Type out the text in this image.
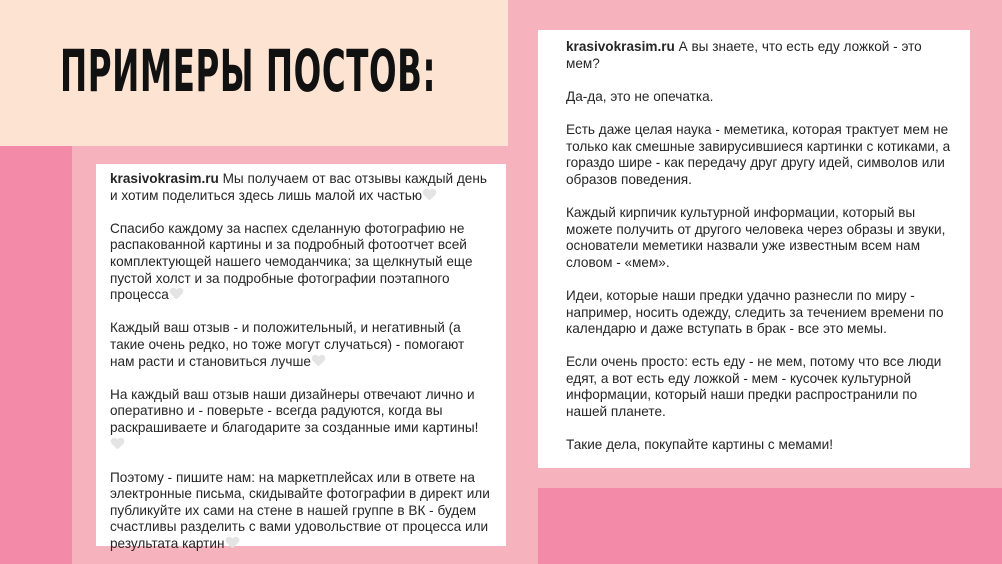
ПРИМЕРЫ ПОСТОВ:

krasivokrasim.ru Мы получаем от вас отзывы каждый день и хотим поделиться здесь лишь малой их частью

Спасибо каждому за наспех сделанную фотографию не распакованной картины и за подробный фотоотчет всей комплектующей нашего чемоданчика; за щелкнутый еще пустой холст и за подробные фотографии поэтапного процесса

Каждый ваш отзыв - и положительный, и негативный (а такие очень редко, но тоже могут случаться) - помогают нам расти и становиться лучше

На каждый ваш отзыв наши дизайнеры отвечают лично и оперативно и - поверьте - всегда радуются, когда вы раскрашиваете и благодарите за созданные ими картины!

Поэтому - пишите нам: на маркетплейсах или в ответе на электронные письма, скидывайте фотографии в директ или публикуйте их сами на стене в нашей группе в ВК - будем счастливы разделить с вами удовольствие от процесса или результата картин

krasivokrasim.ru А вы знаете, что есть еду ложкой - это мем?

Да-да, это не опечатка.

Есть даже целая наука - меметика, которая трактует мем не только как смешные завирусившиеся картинки с котиками, а гораздо шире - как передачу друг другу идей, символов или образов поведения.

Каждый кирпичик культурной информации, который вы можете получить от другого человека через образы и звуки, основатели меметики назвали уже известным всем нам словом - «мем».

Идеи, которые наши предки удачно разнесли по миру - например, носить одежду, следить за течением времени по календарю и даже вступать в брак - все это мемы.

Если очень просто: есть еду - не мем, потому что все люди едят, а вот есть еду ложкой - мем - кусочек культурной информации, который наши предки распространили по нашей планете.

Такие дела, покупайте картины с мемами!
